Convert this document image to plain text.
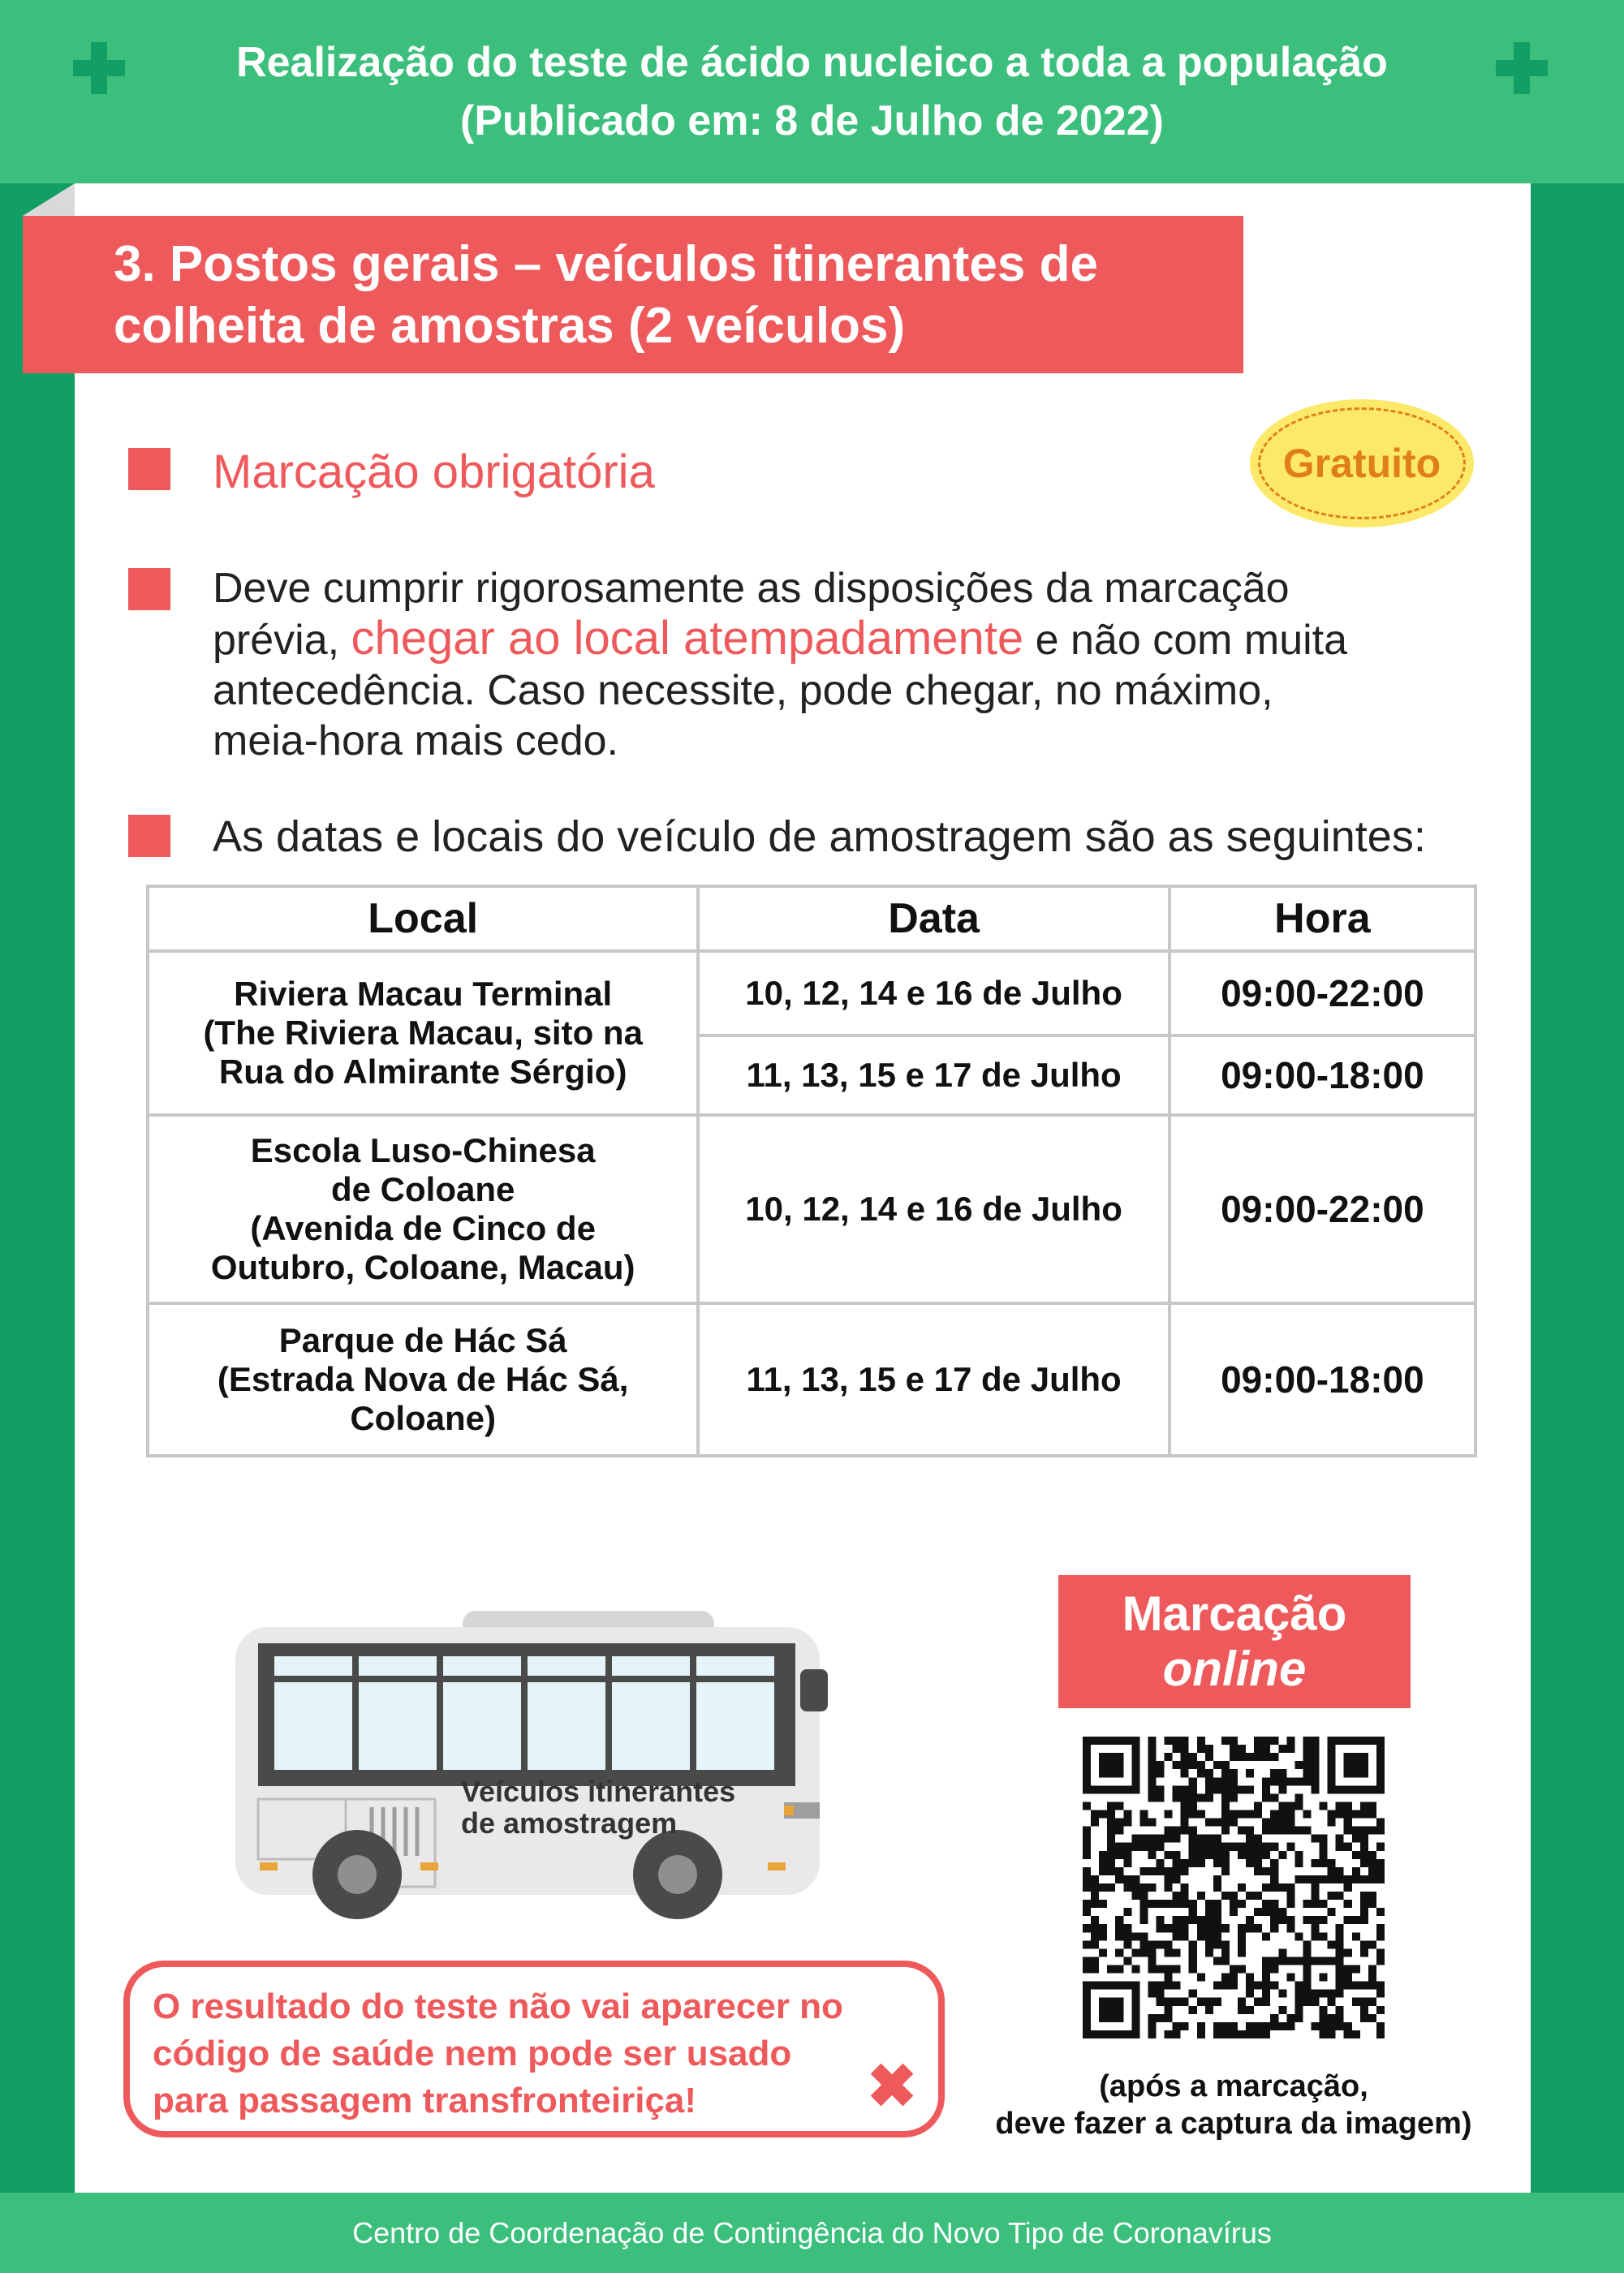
Realização do teste de ácido nucleico a toda a população
(Publicado em: 8 de Julho de 2022)
3. Postos gerais – veículos itinerantes de
colheita de amostras (2 veículos)
Marcação obrigatória	Gratuito
Deve cumprir rigorosamente as disposições da marcação
prévia, chegar ao local atempadamente e não com muita
antecedência. Caso necessite, pode chegar, no máximo,
meia-hora mais cedo.
As datas e locais do veículo de amostragem são as seguintes:
Local	Data	Hora

Riviera Macau Terminal
(The Riviera Macau, sito na
Rua do Almirante Sérgio)	10, 12, 14 e 16 de Julho	09:00-22:00
	11, 13, 15 e 17 de Julho	09:00-18:00

Escola Luso-Chinesa
de Coloane
(Avenida de Cinco de
Outubro, Coloane, Macau)	10, 12, 14 e 16 de Julho	09:00-22:00

Parque de Hác Sá
(Estrada Nova de Hác Sá,
Coloane)	11, 13, 15 e 17 de Julho	09:00-18:00
Veículos itinerantes
de amostragem
O resultado do teste não vai aparecer no
código de saúde nem pode ser usado
para passagem transfronteiriça!	✖
Marcação
online
(após a marcação,
deve fazer a captura da imagem)
Centro de Coordenação de Contingência do Novo Tipo de Coronavírus
